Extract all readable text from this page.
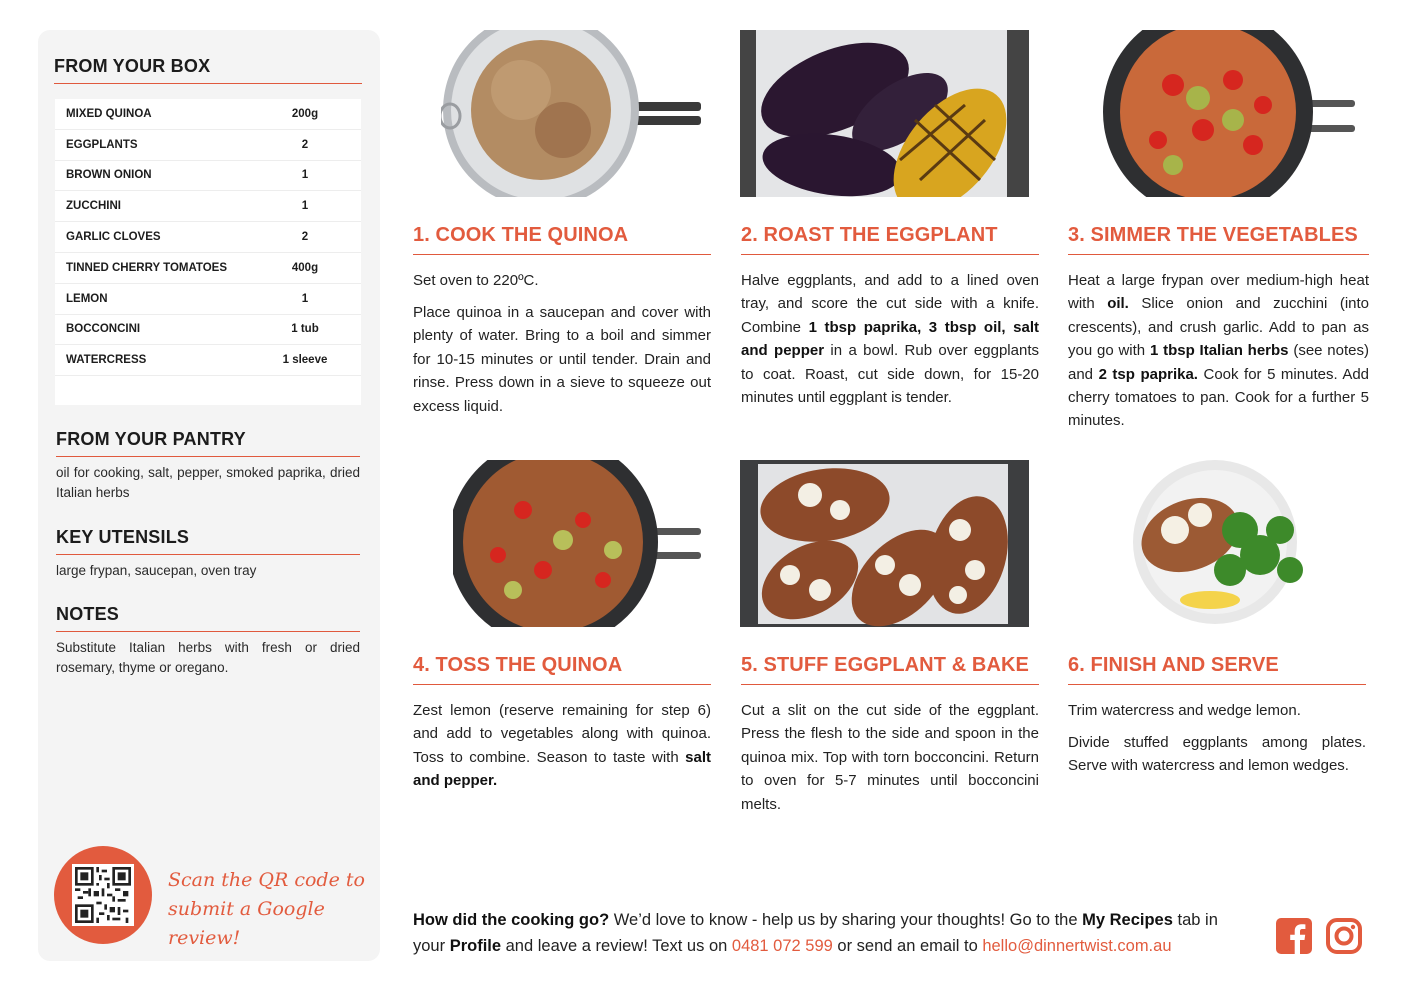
FROM YOUR BOX
MIXED QUINOA	200g
EGGPLANTS	2
BROWN ONION	1
ZUCCHINI	1
GARLIC CLOVES	2
TINNED CHERRY TOMATOES	400g
LEMON	1
BOCCONCINI	1 tub
WATERCRESS	1 sleeve
FROM YOUR PANTRY
oil for cooking, salt, pepper, smoked paprika, dried Italian herbs
KEY UTENSILS
large frypan, saucepan, oven tray
NOTES
Substitute Italian herbs with fresh or dried rosemary, thyme or oregano.
Scan the QR code to
submit a Google review!
1. COOK THE QUINOA

Set oven to 220ºC.

Place quinoa in a saucepan and cover with plenty of water. Bring to a boil and simmer for 10-15 minutes or until tender. Drain and rinse. Press down in a sieve to squeeze out excess liquid.

2. ROAST THE EGGPLANT

Halve eggplants, and add to a lined oven tray, and score the cut side with a knife. Combine 1 tbsp paprika, 3 tbsp oil, salt and pepper in a bowl. Rub over eggplants to coat. Roast, cut side down, for 15-20 minutes until eggplant is tender.

3. SIMMER THE VEGETABLES

Heat a large frypan over medium-high heat with oil. Slice onion and zucchini (into crescents), and crush garlic. Add to pan as you go with 1 tbsp Italian herbs (see notes) and 2 tsp paprika. Cook for 5 minutes. Add cherry tomatoes to pan. Cook for a further 5 minutes.

4. TOSS THE QUINOA

Zest lemon (reserve remaining for step 6) and add to vegetables along with quinoa. Toss to combine. Season to taste with salt and pepper.

5. STUFF EGGPLANT & BAKE

Cut a slit on the cut side of the eggplant. Press the flesh to the side and spoon in the quinoa mix. Top with torn bocconcini. Return to oven for 5-7 minutes until bocconcini melts.

6. FINISH AND SERVE

Trim watercress and wedge lemon.

Divide stuffed eggplants among plates. Serve with watercress and lemon wedges.

How did the cooking go? We’d love to know - help us by sharing your thoughts! Go to the My Recipes tab in your Profile and leave a review! Text us on 0481 072 599 or send an email to hello@dinnertwist.com.au
